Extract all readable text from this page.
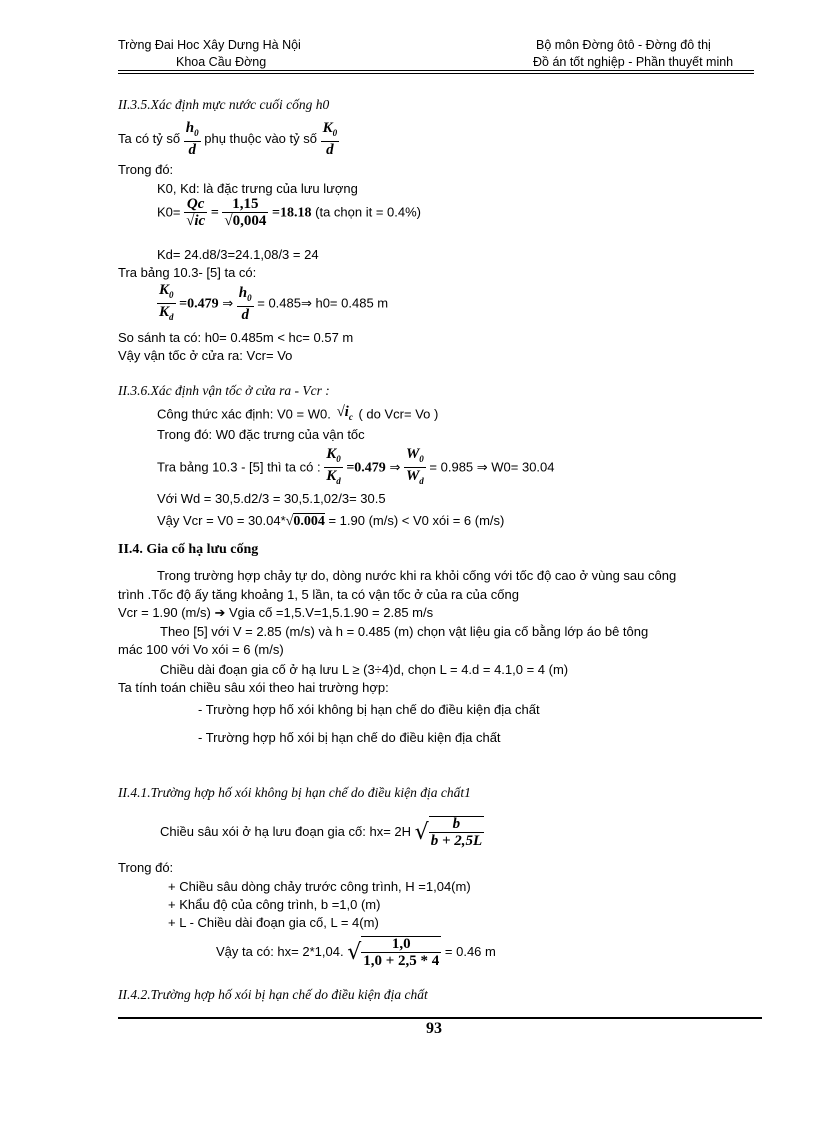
Trờng Đai Hoc Xây Dưng Hà Nội
Khoa Cầu Đờng
Bộ môn Đờng ôtô - Đờng đô thị
Đồ án tốt nghiệp - Phần thuyết minh
II.3.5.Xác định mực nước cuối cống h0
Ta có tỷ số $\frac{h_0}{d}$ phụ thuộc vào tỷ số $\frac{K_0}{d}$
Trong đó:
K0, Kd: là đặc trưng của lưu lượng
$K0= \frac{Qc}{√ic} = \frac{1,15}{√0,004} =18.18$ (ta chọn it = 0.4%)
Kd= 24.d8/3=24.1,08/3 = 24
Tra bảng 10.3- [5] ta có:
$\frac{K_0}{K_d} =0.479$ ⇒ $\frac{h_0}{d}$ = 0.485⇒ h0= 0.485 m
So sánh ta có: h0= 0.485m < hc= 0.57 m
Vậy vận tốc ở cửa ra: Vcr= Vo
II.3.6.Xác định vận tốc ở cửa ra - Vcr :
Công thức xác định: V0 = W0. $√i_c$ ( do Vcr= Vo )
Trong đó: W0 đặc trưng của vận tốc
Tra bảng 10.3 - [5] thì ta có : $\frac{K_0}{K_d} =0.479$ ⇒ $\frac{W_0}{W_d} = 0.985$ ⇒ W0= 30.04
Với Wd = 30,5.d2/3 = 30,5.1,02/3= 30.5
Vậy Vcr = V0 = 30.04*√0.004 = 1.90 (m/s) < V0 xói = 6 (m/s)
II.4. Gia cố hạ lưu cống
Trong trường hợp chảy tự do, dòng nước khi ra khỏi cống với tốc độ cao ở vùng sau công
trình .Tốc độ ấy tăng khoảng 1, 5 lần, ta có vận tốc ở của ra của cống
Vcr = 1.90 (m/s) ➔ Vgia cố =1,5.V=1,5.1.90 = 2.85 m/s
Theo [5] với V = 2.85 (m/s) và h = 0.485 (m) chọn vật liệu gia cố bằng lớp áo bê tông
mác 100 với Vo xói = 6 (m/s)
Chiều dài đoạn gia cố ở hạ lưu L ≥ (3÷4)d, chọn L = 4.d = 4.1,0 = 4 (m)
Ta tính toán chiều sâu xói theo hai trường hợp:
- Trường hợp hố xói không bị hạn chế do điều kiện địa chất
- Trường hợp hố xói bị hạn chế do điều kiện địa chất
II.4.1.Trường hợp hố xói không bị hạn chế do điều kiện địa chất1
Chiều sâu xói ở hạ lưu đoạn gia cố: hx= 2H √ $\frac{b}{b + 2,5L}$
Trong đó:
+ Chiều sâu dòng chảy trước công trình, H =1,04(m)
+ Khẩu độ của công trình, b =1,0 (m)
+ L - Chiều dài đoạn gia cố, L = 4(m)
Vậy ta có: hx= 2*1,04. √ $\frac{1,0}{1,0 + 2,5 * 4} = 0.46$ m
II.4.2.Trường hợp hố xói bị hạn chế do điều kiện địa chất
93
